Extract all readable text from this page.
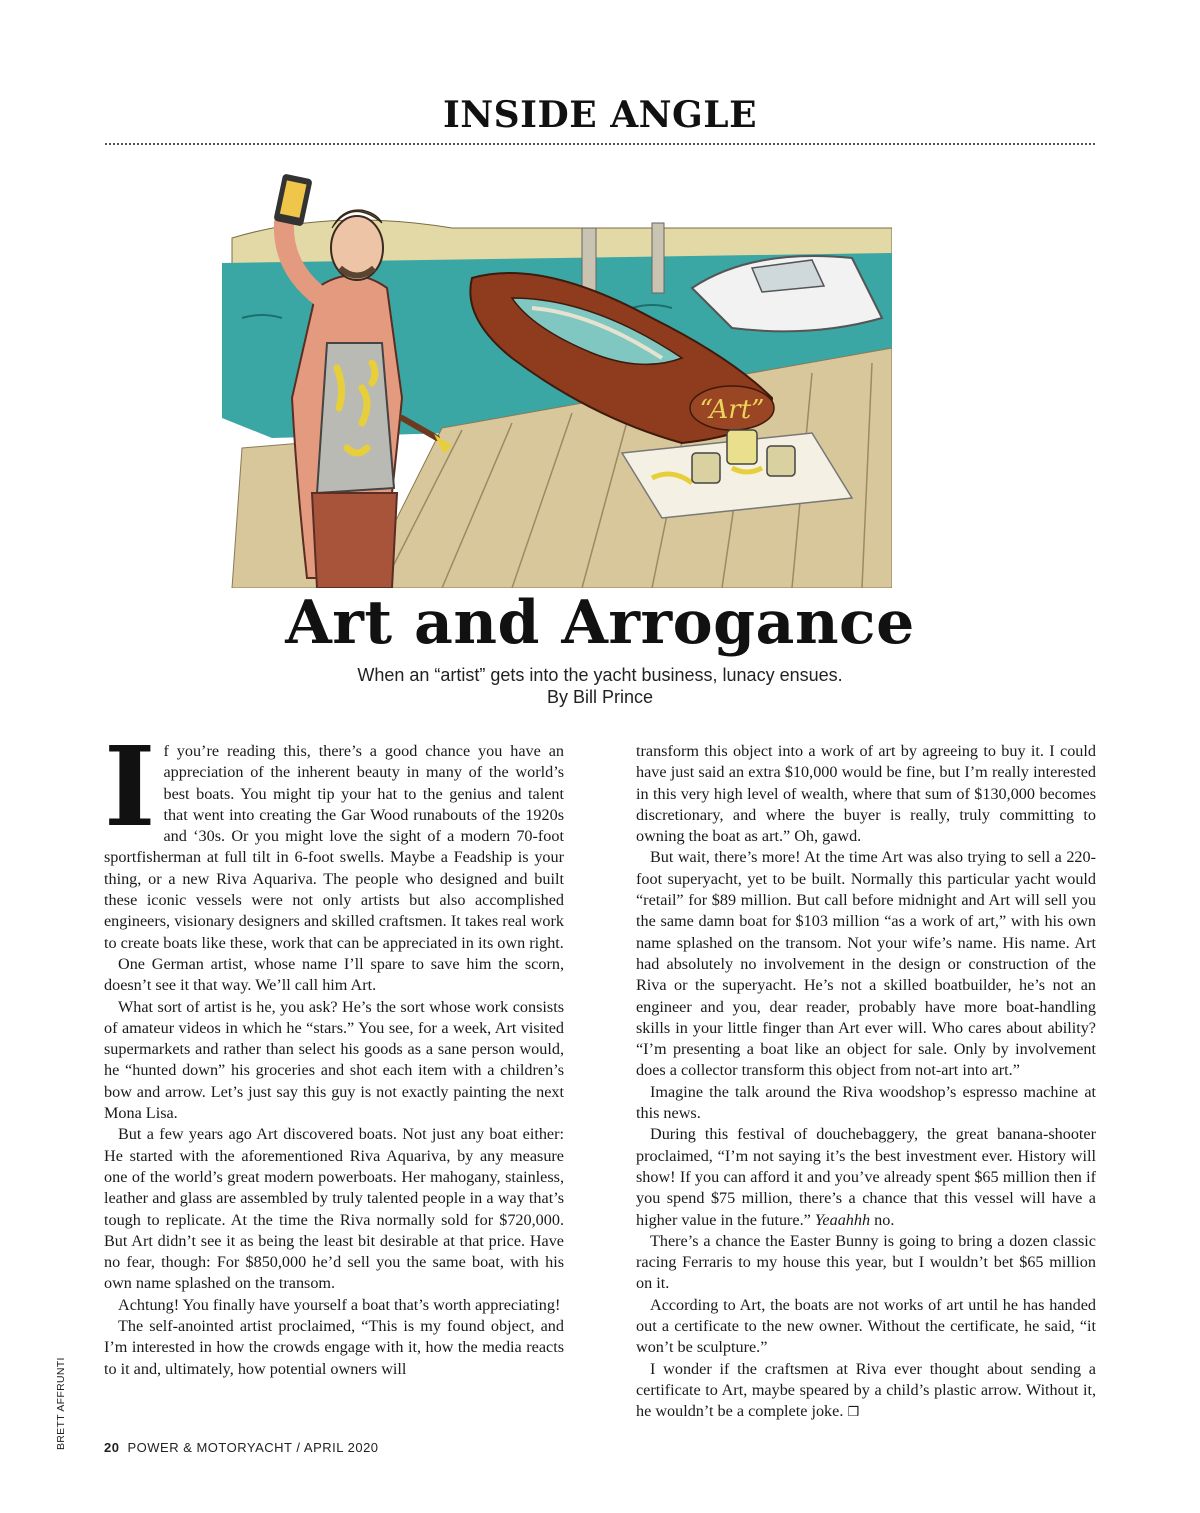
INSIDE ANGLE
“Art”
Art and Arrogance
When an “artist” gets into the yacht business, lunacy ensues.
By Bill Prince

If you’re reading this, there’s a good chance you have an appreciation of the inherent beauty in many of the world’s best boats. You might tip your hat to the genius and talent that went into creating the Gar Wood runabouts of the 1920s and ‘30s. Or you might love the sight of a modern 70-foot sportfisherman at full tilt in 6-foot swells. Maybe a Feadship is your thing, or a new Riva Aquariva. The people who designed and built these iconic vessels were not only artists but also accomplished engineers, visionary designers and skilled craftsmen. It takes real work to create boats like these, work that can be appreciated in its own right.

One German artist, whose name I’ll spare to save him the scorn, doesn’t see it that way. We’ll call him Art.

What sort of artist is he, you ask? He’s the sort whose work consists of amateur videos in which he “stars.” You see, for a week, Art visited supermarkets and rather than select his goods as a sane person would, he “hunted down” his groceries and shot each item with a children’s bow and arrow. Let’s just say this guy is not exactly painting the next Mona Lisa.

But a few years ago Art discovered boats. Not just any boat either: He started with the aforementioned Riva Aquariva, by any measure one of the world’s great modern powerboats. Her mahogany, stainless, leather and glass are assembled by truly talented people in a way that’s tough to replicate. At the time the Riva normally sold for $720,000. But Art didn’t see it as being the least bit desirable at that price. Have no fear, though: For $850,000 he’d sell you the same boat, with his own name splashed on the transom.

Achtung! You finally have yourself a boat that’s worth appreciating!

The self-anointed artist proclaimed, “This is my found object, and I’m interested in how the crowds engage with it, how the media reacts to it and, ultimately, how potential owners will

transform this object into a work of art by agreeing to buy it. I could have just said an extra $10,000 would be fine, but I’m really interested in this very high level of wealth, where that sum of $130,000 becomes discretionary, and where the buyer is really, truly committing to owning the boat as art.” Oh, gawd.

But wait, there’s more! At the time Art was also trying to sell a 220-foot superyacht, yet to be built. Normally this particular yacht would “retail” for $89 million. But call before midnight and Art will sell you the same damn boat for $103 million “as a work of art,” with his own name splashed on the transom. Not your wife’s name. His name. Art had absolutely no involvement in the design or construction of the Riva or the superyacht. He’s not a skilled boatbuilder, he’s not an engineer and you, dear reader, probably have more boat-handling skills in your little finger than Art ever will. Who cares about ability? “I’m presenting a boat like an object for sale. Only by involvement does a collector transform this object from not-art into art.”

Imagine the talk around the Riva woodshop’s espresso machine at this news.

During this festival of douchebaggery, the great banana-shooter proclaimed, “I’m not saying it’s the best investment ever. History will show! If you can afford it and you’ve already spent $65 million then if you spend $75 million, there’s a chance that this vessel will have a higher value in the future.” Yeaahhh no.

There’s a chance the Easter Bunny is going to bring a dozen classic racing Ferraris to my house this year, but I wouldn’t bet $65 million on it.

According to Art, the boats are not works of art until he has handed out a certificate to the new owner. Without the certificate, he said, “it won’t be sculpture.”

I wonder if the craftsmen at Riva ever thought about sending a certificate to Art, maybe speared by a child’s plastic arrow. Without it, he wouldn’t be a complete joke. ❒

BRETT AFFRUNTI	20 POWER & MOTORYACHT / APRIL 2020
